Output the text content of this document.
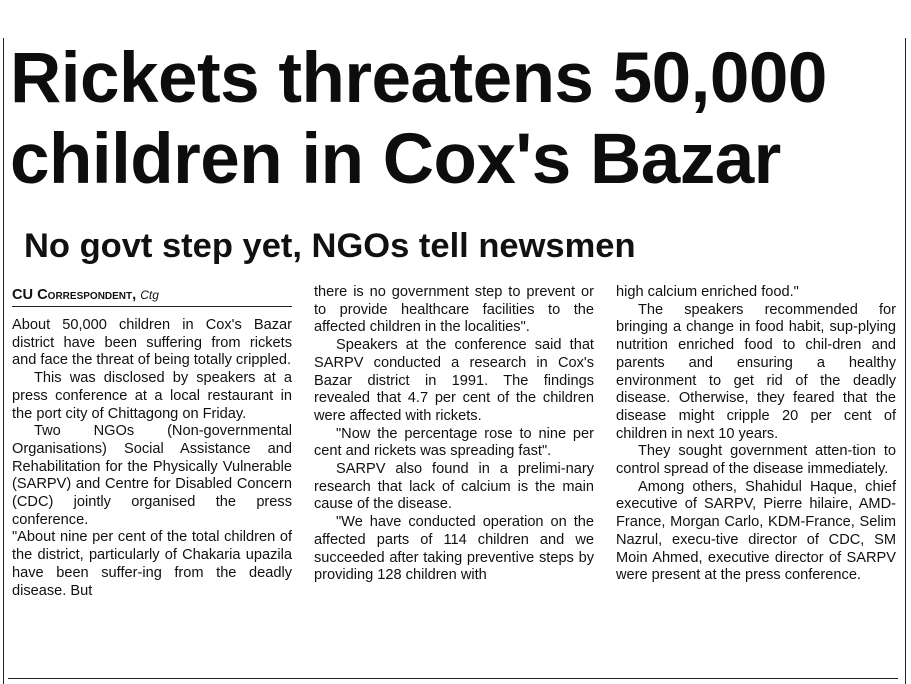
Rickets threatens 50,000
children in Cox's Bazar
No govt step yet, NGOs tell newsmen
CU Correspondent, Ctg

About 50,000 children in Cox's Bazar district have been suffering from rickets and face the threat of being totally crippled.

This was disclosed by speakers at a press conference at a local restaurant in the port city of Chittagong on Friday.

Two NGOs (Non-governmental Organisations) Social Assistance and Rehabilitation for the Physically Vulnerable (SARPV) and Centre for Disabled Concern (CDC) jointly organised the press conference.

"About nine per cent of the total children of the district, particularly of Chakaria upazila have been suffer-ing from the deadly disease. But

there is no government step to prevent or to provide healthcare facilities to the affected children in the localities".

Speakers at the conference said that SARPV conducted a research in Cox's Bazar district in 1991. The findings revealed that 4.7 per cent of the children were affected with rickets.

"Now the percentage rose to nine per cent and rickets was spreading fast".

SARPV also found in a prelimi-nary research that lack of calcium is the main cause of the disease.

"We have conducted operation on the affected parts of 114 children and we succeeded after taking preventive steps by providing 128 children with

high calcium enriched food."

The speakers recommended for bringing a change in food habit, sup-plying nutrition enriched food to chil-dren and parents and ensuring a healthy environment to get rid of the deadly disease. Otherwise, they feared that the disease might cripple 20 per cent of children in next 10 years.

They sought government atten-tion to control spread of the disease immediately.

Among others, Shahidul Haque, chief executive of SARPV, Pierre hilaire, AMD-France, Morgan Carlo, KDM-France, Selim Nazrul, execu-tive director of CDC, SM Moin Ahmed, executive director of SARPV were present at the press conference.
